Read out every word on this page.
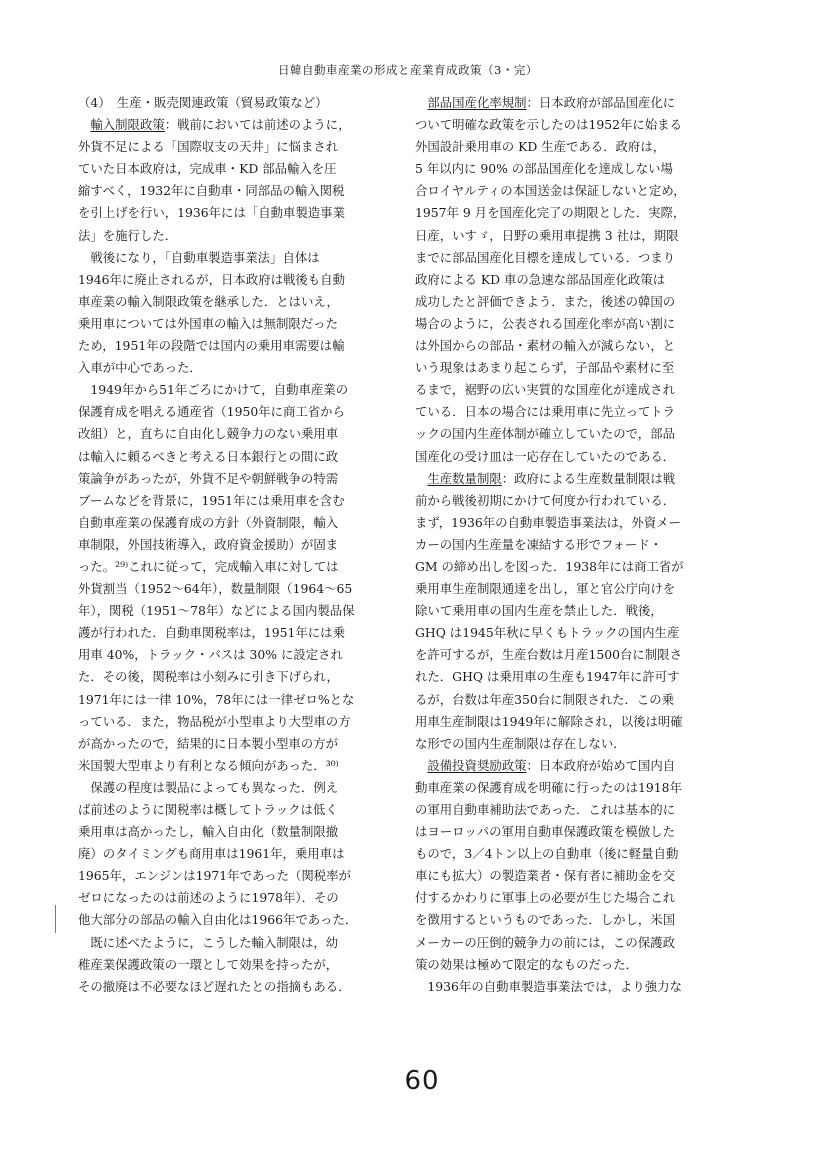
日韓自動車産業の形成と産業育成政策（3・完）
（4）　生産・販売関連政策（貿易政策など）
　輸入制限政策：戦前においては前述のように，
外貨不足による「国際収支の天井」に悩まされ
ていた日本政府は，完成車・KD 部品輸入を圧
縮すべく，1932年に自動車・同部品の輸入関税
を引上げを行い，1936年には「自動車製造事業
法」を施行した．
　戦後になり，「自動車製造事業法」自体は
1946年に廃止されるが，日本政府は戦後も自動
車産業の輸入制限政策を継承した．とはいえ，
乗用車については外国車の輸入は無制限だった
ため，1951年の段階では国内の乗用車需要は輸
入車が中心であった．
　1949年から51年ごろにかけて，自動車産業の
保護育成を唱える通産省（1950年に商工省から
改組）と，直ちに自由化し競争力のない乗用車
は輸入に頼るべきと考える日本銀行との間に政
策論争があったが，外貨不足や朝鮮戦争の特需
ブームなどを背景に，1951年には乗用車を含む
自動車産業の保護育成の方針（外資制限，輸入
車制限，外国技術導入，政府資金援助）が固ま
った。²⁹⁾これに従って，完成輸入車に対しては
外貨割当（1952～64年），数量制限（1964～65
年），関税（1951～78年）などによる国内製品保
護が行われた．自動車関税率は，1951年には乗
用車 40%，トラック・バスは 30% に設定され
た．その後，関税率は小刻みに引き下げられ，
1971年には一律 10%，78年には一律ゼロ%とな
っている．また，物品税が小型車より大型車の方
が高かったので，結果的に日本製小型車の方が
米国製大型車より有利となる傾向があった．³⁰⁾
　保護の程度は製品によっても異なった．例え
ば前述のように関税率は概してトラックは低く
乗用車は高かったし，輸入自由化（数量制限撤
廃）のタイミングも商用車は1961年，乗用車は
1965年，エンジンは1971年であった（関税率が
ゼロになったのは前述のように1978年）．その
他大部分の部品の輸入自由化は1966年であった．
　既に述べたように，こうした輸入制限は，幼
稚産業保護政策の一環として効果を持ったが，
その撤廃は不必要なほど遅れたとの指摘もある．
　部品国産化率規制：日本政府が部品国産化に
ついて明確な政策を示したのは1952年に始まる
外国設計乗用車の KD 生産である．政府は，
5 年以内に 90% の部品国産化を達成しない場
合ロイヤルティの本国送金は保証しないと定め，
1957年 9 月を国産化完了の期限とした．実際，
日産，いすゞ，日野の乗用車提携 3 社は，期限
までに部品国産化目標を達成している．つまり
政府による KD 車の急速な部品国産化政策は
成功したと評価できよう．また，後述の韓国の
場合のように，公表される国産化率が高い割に
は外国からの部品・素材の輸入が減らない，と
いう現象はあまり起こらず，子部品や素材に至
るまで，裾野の広い実質的な国産化が達成され
ている．日本の場合には乗用車に先立ってトラ
ックの国内生産体制が確立していたので，部品
国産化の受け皿は一応存在していたのである．
　生産数量制限：政府による生産数量制限は戦
前から戦後初期にかけて何度か行われている．
まず，1936年の自動車製造事業法は，外資メー
カーの国内生産量を凍結する形でフォード・
GM の締め出しを図った．1938年には商工省が
乗用車生産制限通達を出し，軍と官公庁向けを
除いて乗用車の国内生産を禁止した．戦後，
GHQ は1945年秋に早くもトラックの国内生産
を許可するが，生産台数は月産1500台に制限さ
れた．GHQ は乗用車の生産も1947年に許可す
るが，台数は年産350台に制限された．この乗
用車生産制限は1949年に解除され，以後は明確
な形での国内生産制限は存在しない．
　設備投資奨励政策：日本政府が始めて国内自
動車産業の保護育成を明確に行ったのは1918年
の軍用自動車補助法であった．これは基本的に
はヨーロッパの軍用自動車保護政策を模倣した
もので，3／4トン以上の自動車（後に軽量自動
車にも拡大）の製造業者・保有者に補助金を交
付するかわりに軍事上の必要が生じた場合これ
を徴用するというものであった．しかし，米国
メーカーの圧倒的競争力の前には，この保護政
策の効果は極めて限定的なものだった．
　1936年の自動車製造事業法では，より強力な
60
